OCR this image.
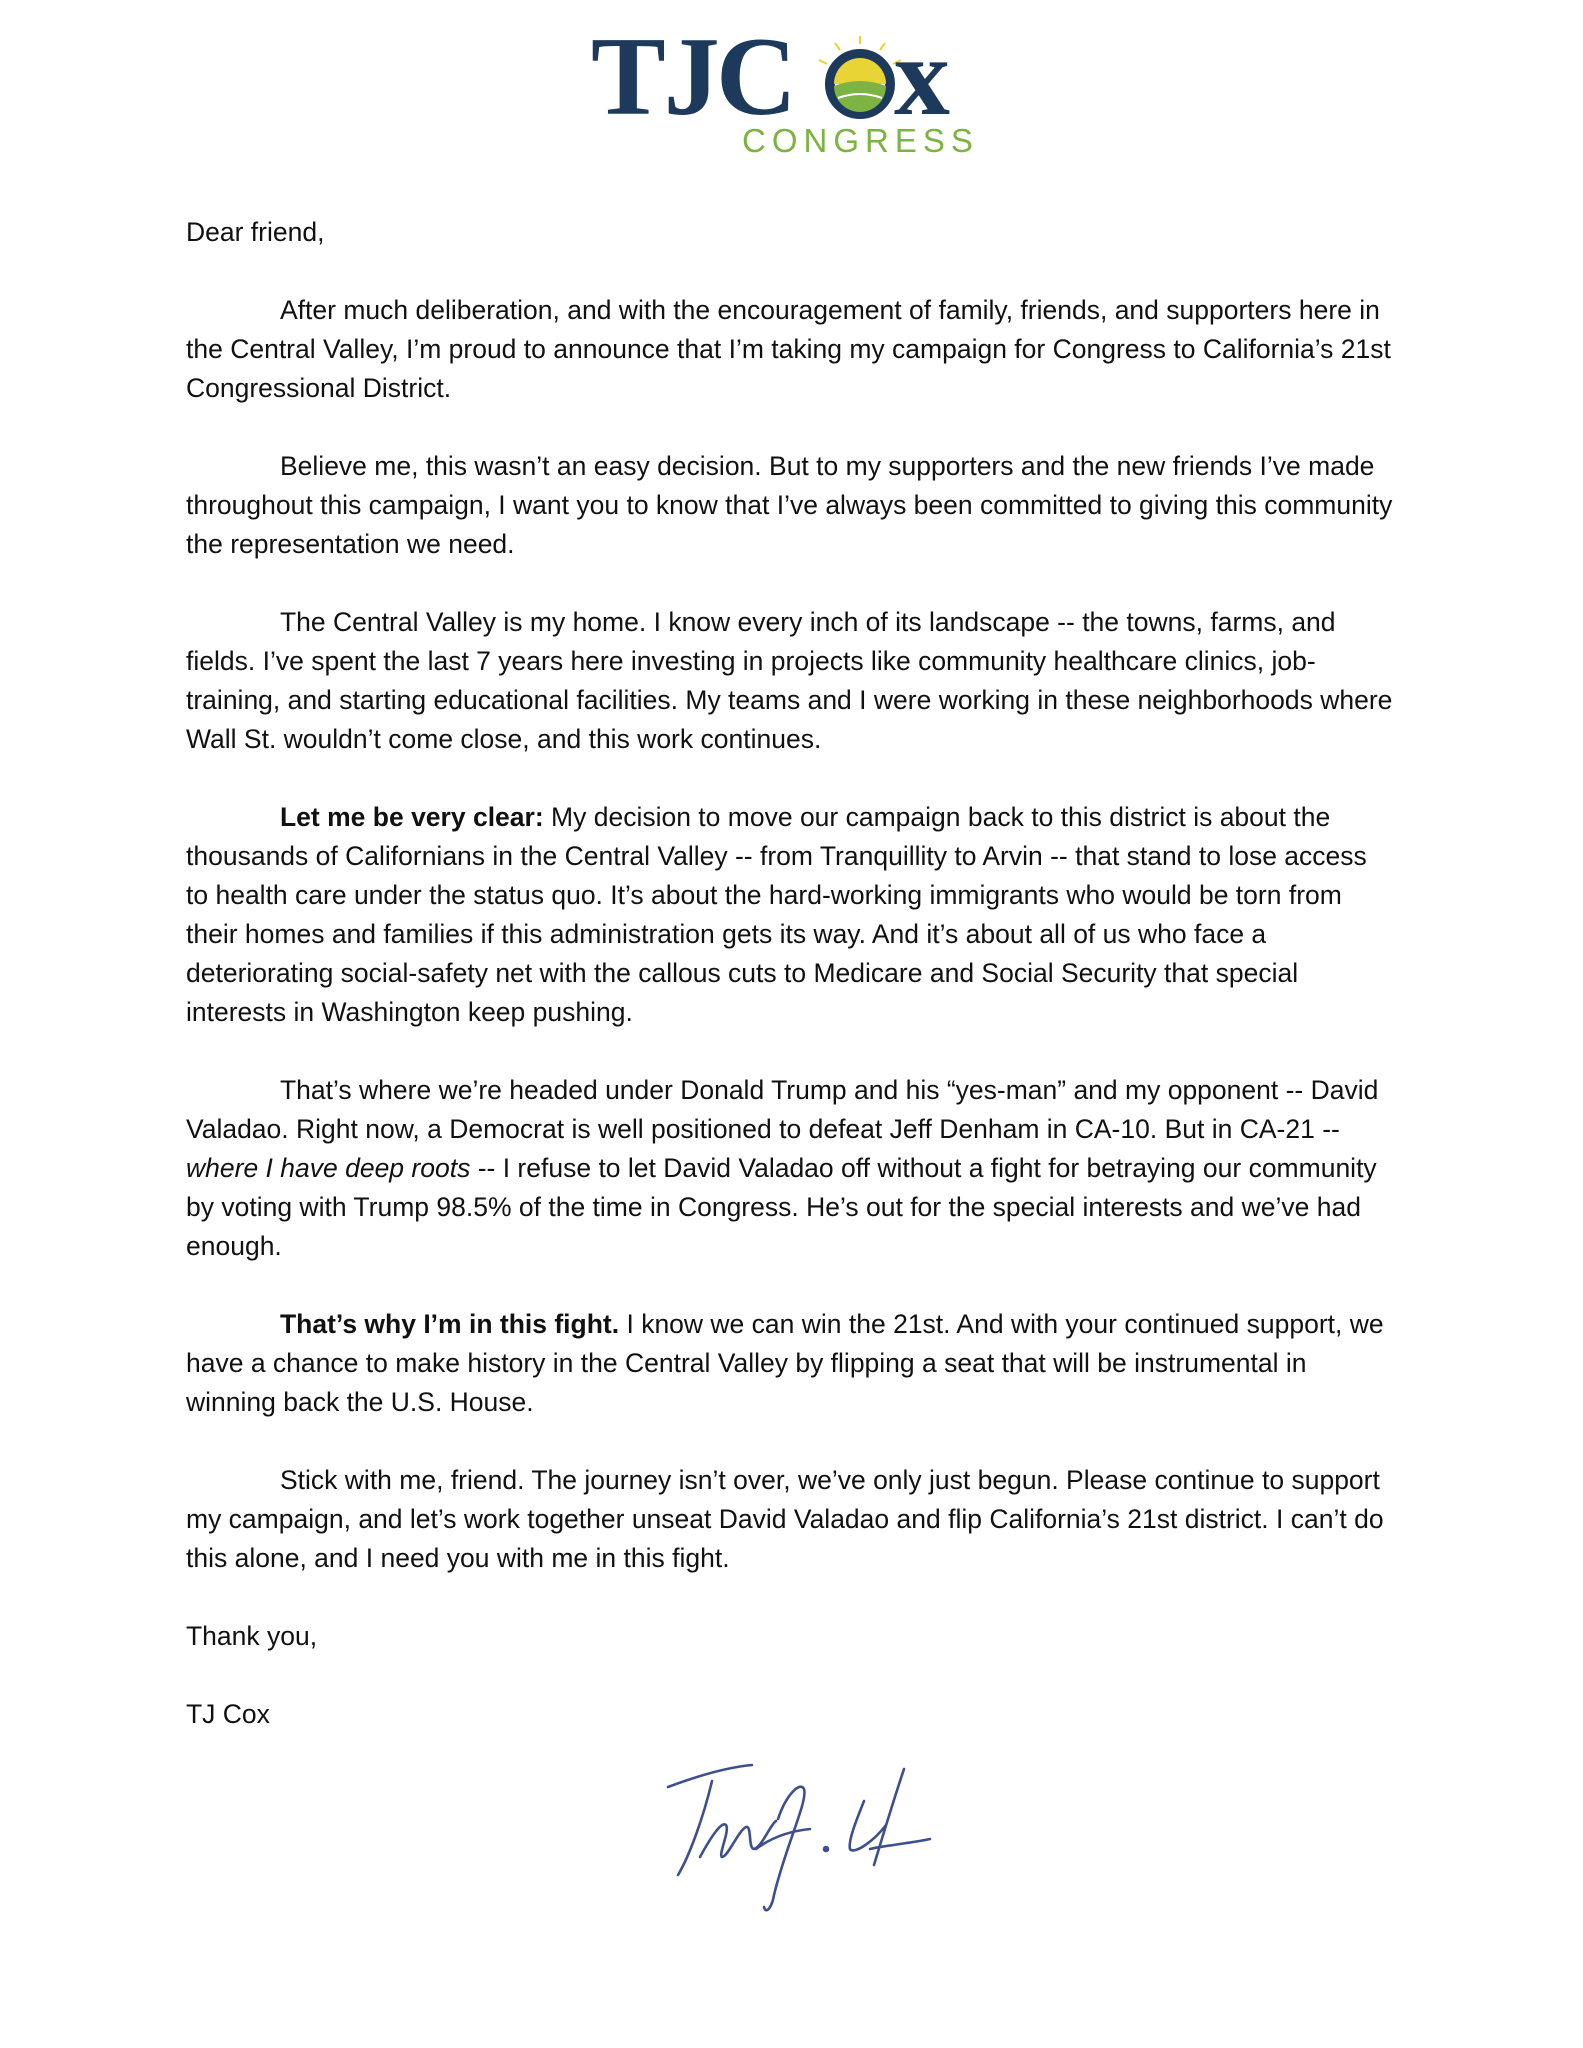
TJ
C x
CONGRESS

Dear friend,

After much deliberation, and with the encouragement of family, friends, and supporters here in the Central Valley, I’m proud to announce that I’m taking my campaign for Congress to California’s 21st Congressional District.

Believe me, this wasn’t an easy decision. But to my supporters and the new friends I’ve made throughout this campaign, I want you to know that I’ve always been committed to giving this community the representation we need.

The Central Valley is my home. I know every inch of its landscape -- the towns, farms, and fields. I’ve spent the last 7 years here investing in projects like community healthcare clinics, job-training, and starting educational facilities. My teams and I were working in these neighborhoods where Wall St. wouldn’t come close, and this work continues.

Let me be very clear: My decision to move our campaign back to this district is about the thousands of Californians in the Central Valley -- from Tranquillity to Arvin -- that stand to lose access to health care under the status quo. It’s about the hard-working immigrants who would be torn from their homes and families if this administration gets its way. And it’s about all of us who face a deteriorating social-safety net with the callous cuts to Medicare and Social Security that special interests in Washington keep pushing.

That’s where we’re headed under Donald Trump and his “yes-man” and my opponent -- David Valadao. Right now, a Democrat is well positioned to defeat Jeff Denham in CA-10. But in CA-21 -- where I have deep roots -- I refuse to let David Valadao off without a fight for betraying our community by voting with Trump 98.5% of the time in Congress. He’s out for the special interests and we’ve had enough.

That’s why I’m in this fight. I know we can win the 21st. And with your continued support, we have a chance to make history in the Central Valley by flipping a seat that will be instrumental in winning back the U.S. House.

Stick with me, friend. The journey isn’t over, we’ve only just begun. Please continue to support my campaign, and let’s work together unseat David Valadao and flip California’s 21st district. I can’t do this alone, and I need you with me in this fight.

Thank you,

TJ Cox
